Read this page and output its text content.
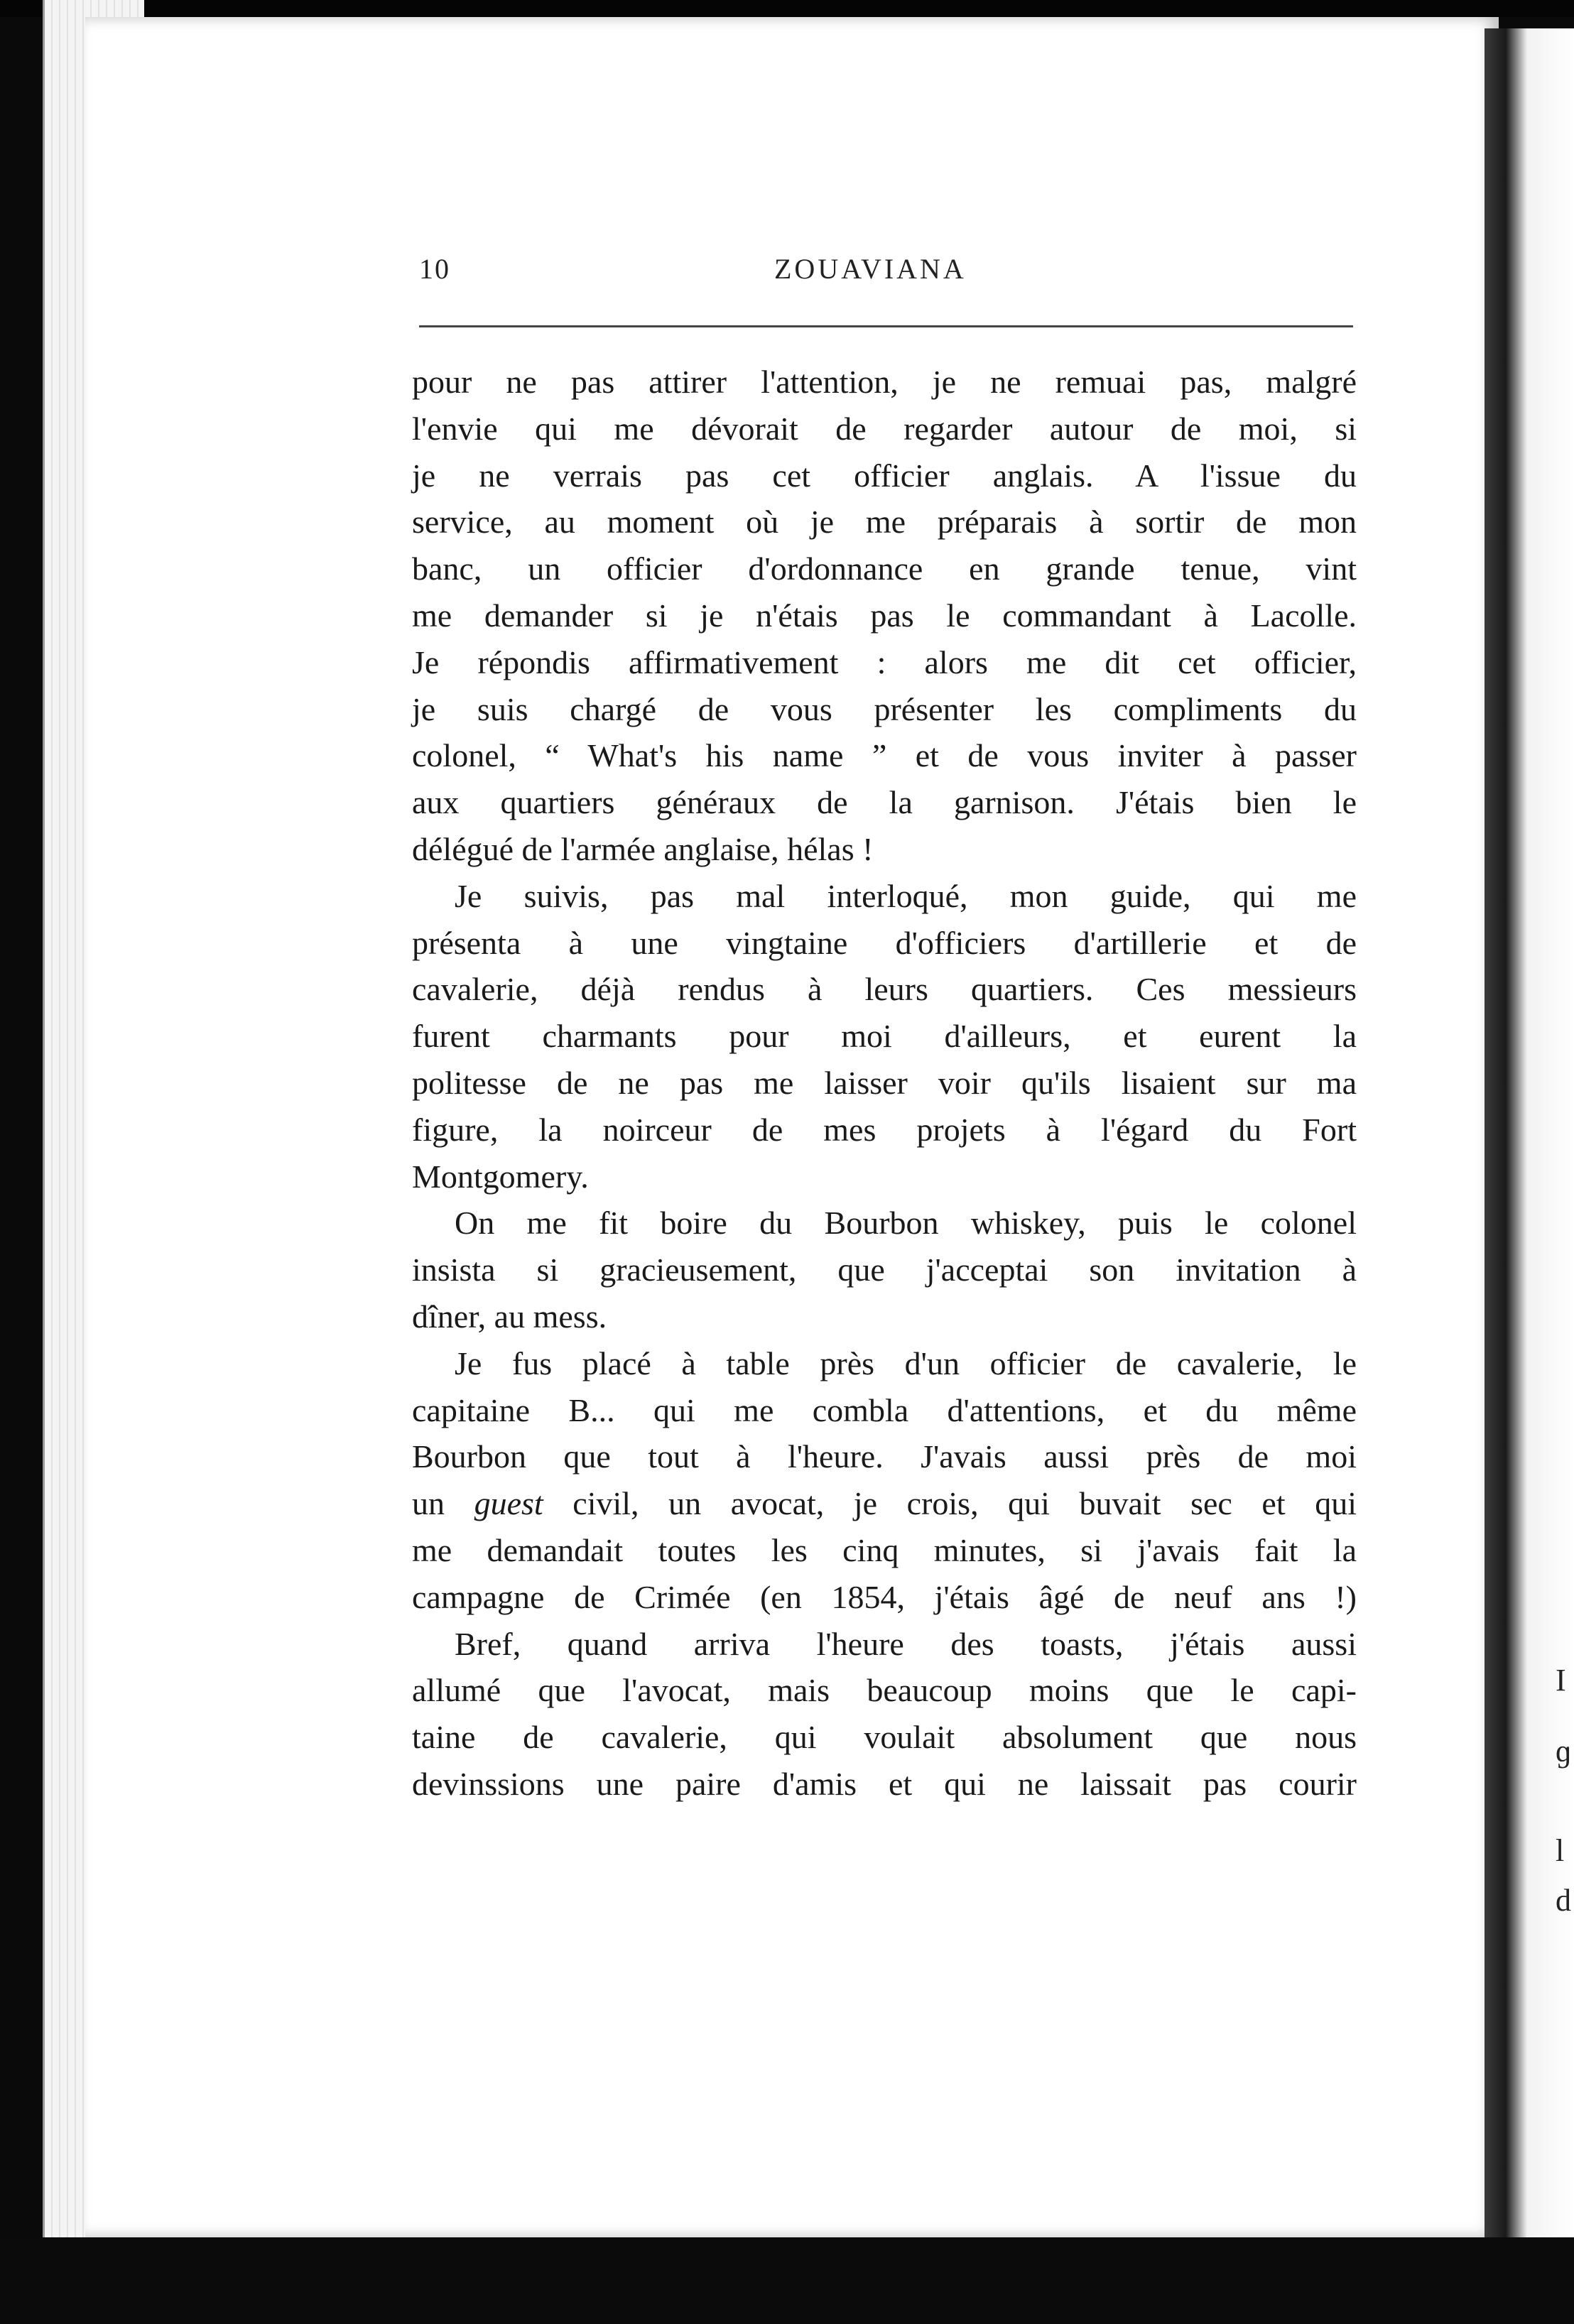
I
ɡ
l
d
10	ZOUAVIANA
pour ne pas attirer l'attention, je ne remuai pas, malgré
l'envie qui me dévorait de regarder autour de moi, si
je ne verrais pas cet officier anglais. A l'issue du
service, au moment où je me préparais à sortir de mon
banc, un officier d'ordonnance en grande tenue, vint
me demander si je n'étais pas le commandant à Lacolle.
Je répondis affirmativement : alors me dit cet officier,
je suis chargé de vous présenter les compliments du
colonel, “ What's his name ” et de vous inviter à passer
aux quartiers généraux de la garnison. J'étais bien le
délégué de l'armée anglaise, hélas !
Je suivis, pas mal interloqué, mon guide, qui me
présenta à une vingtaine d'officiers d'artillerie et de
cavalerie, déjà rendus à leurs quartiers. Ces messieurs
furent charmants pour moi d'ailleurs, et eurent la
politesse de ne pas me laisser voir qu'ils lisaient sur ma
figure, la noirceur de mes projets à l'égard du Fort
Montgomery.
On me fit boire du Bourbon whiskey, puis le colonel
insista si gracieusement, que j'acceptai son invitation à
dîner, au mess.
Je fus placé à table près d'un officier de cavalerie, le
capitaine B... qui me combla d'attentions, et du même
Bourbon que tout à l'heure. J'avais aussi près de moi
un guest civil, un avocat, je crois, qui buvait sec et qui
me demandait toutes les cinq minutes, si j'avais fait la
campagne de Crimée (en 1854, j'étais âgé de neuf ans !)
Bref, quand arriva l'heure des toasts, j'étais aussi
allumé que l'avocat, mais beaucoup moins que le capi-
taine de cavalerie, qui voulait absolument que nous
devinssions une paire d'amis et qui ne laissait pas courir
